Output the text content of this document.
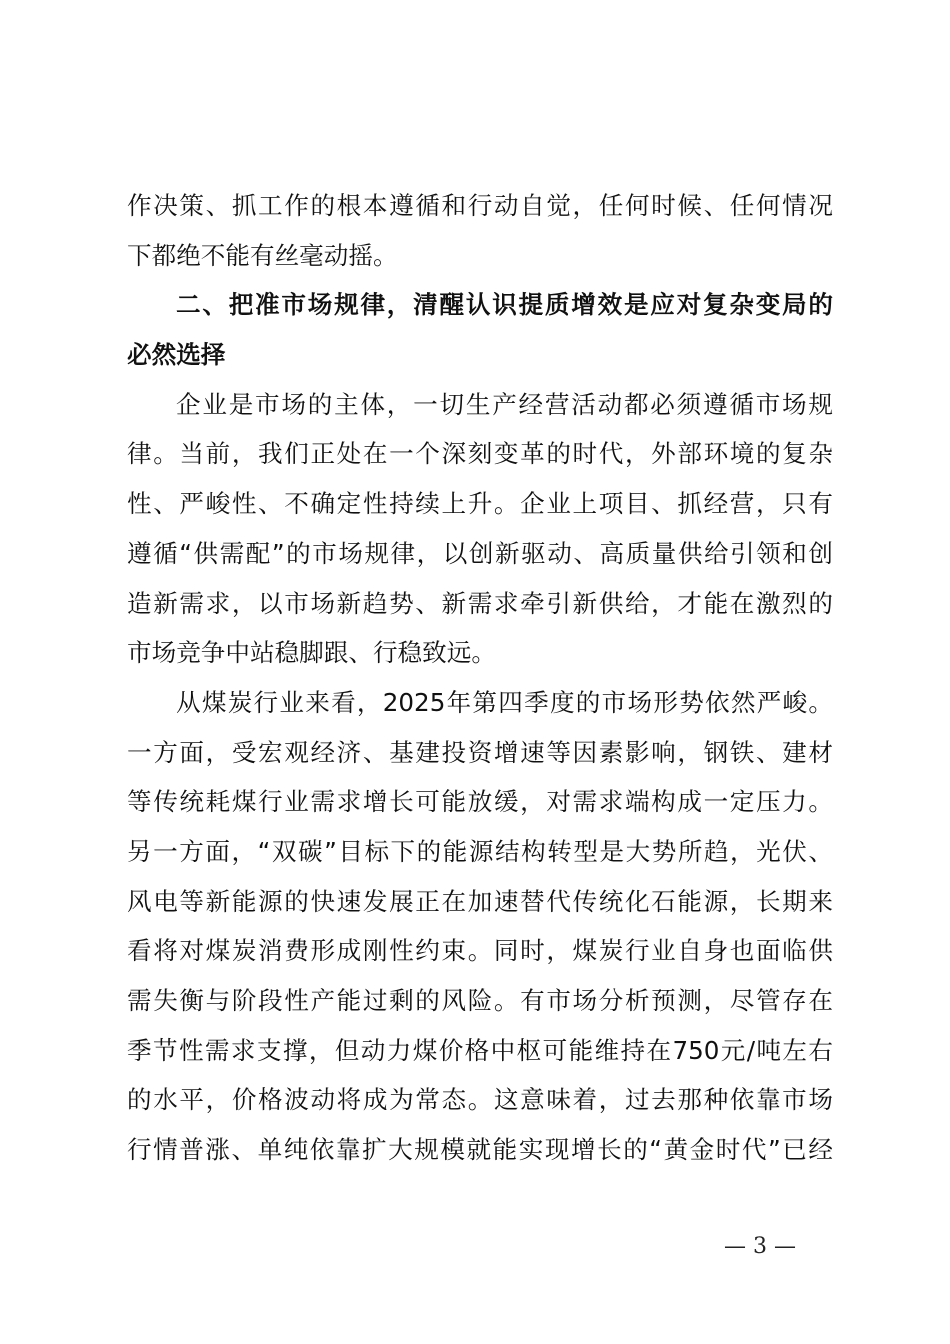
作决策、抓工作的根本遵循和行动自觉，任何时候、任何情况
下都绝不能有丝毫动摇。
二、把准市场规律，清醒认识提质增效是应对复杂变局的
必然选择
企业是市场的主体，一切生产经营活动都必须遵循市场规
律。当前，我们正处在一个深刻变革的时代，外部环境的复杂
性、严峻性、不确定性持续上升。企业上项目、抓经营，只有
遵循“供需配”的市场规律，以创新驱动、高质量供给引领和创
造新需求，以市场新趋势、新需求牵引新供给，才能在激烈的
市场竞争中站稳脚跟、行稳致远。
从煤炭行业来看，2025年第四季度的市场形势依然严峻。
一方面，受宏观经济、基建投资增速等因素影响，钢铁、建材
等传统耗煤行业需求增长可能放缓，对需求端构成一定压力。
另一方面，“双碳”目标下的能源结构转型是大势所趋，光伏、
风电等新能源的快速发展正在加速替代传统化石能源，长期来
看将对煤炭消费形成刚性约束。同时，煤炭行业自身也面临供
需失衡与阶段性产能过剩的风险。有市场分析预测，尽管存在
季节性需求支撑，但动力煤价格中枢可能维持在750元/吨左右
的水平，价格波动将成为常态。这意味着，过去那种依靠市场
行情普涨、单纯依靠扩大规模就能实现增长的“黄金时代”已经
— 3 —
